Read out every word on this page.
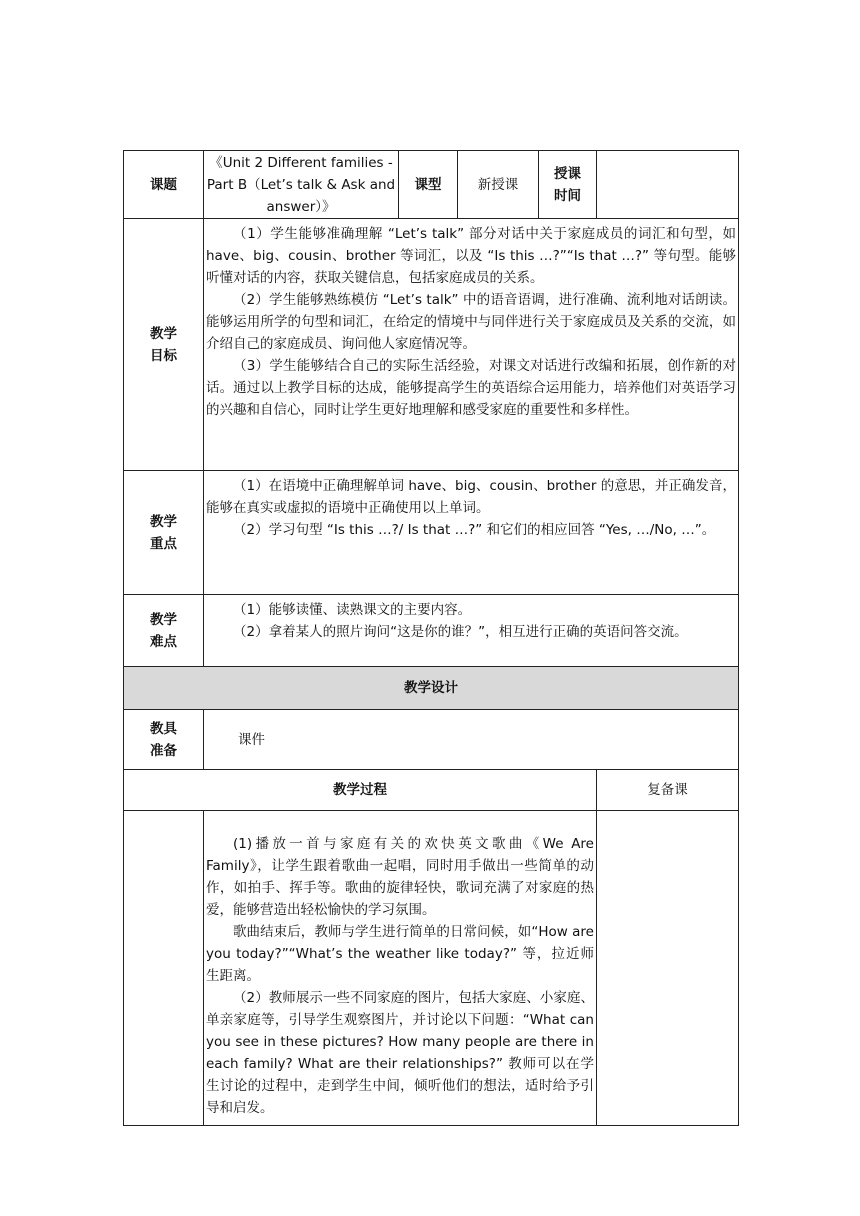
课题	《Unit 2 Different families - Part B（Let’s talk & Ask and answer）》	课型	新授课	授课时间	
教学目标	（1）学生能够准确理解 “Let’s talk” 部分对话中关于家庭成员的词汇和句型，如 have、big、cousin、brother 等词汇，以及 “Is this …?”“Is that …?” 等句型。能够听懂对话的内容，获取关键信息，包括家庭成员的关系。

（2）学生能够熟练模仿 “Let’s talk” 中的语音语调，进行准确、流利地对话朗读。能够运用所学的句型和词汇，在给定的情境中与同伴进行关于家庭成员及关系的交流，如介绍自己的家庭成员、询问他人家庭情况等。

（3）学生能够结合自己的实际生活经验，对课文对话进行改编和拓展，创作新的对话。通过以上教学目标的达成，能够提高学生的英语综合运用能力，培养他们对英语学习的兴趣和自信心，同时让学生更好地理解和感受家庭的重要性和多样性。				

教学重点	（1）在语境中正确理解单词 have、big、cousin、brother 的意思，并正确发音，能够在真实或虚拟的语境中正确使用以上单词。

（2）学习句型 “Is this …?/ Is that …?” 和它们的相应回答 “Yes, …/No, …”。				

教学难点	（1）能够读懂、读熟课文的主要内容。

（2）拿着某人的照片询问“这是你的谁？”，相互进行正确的英语问答交流。				

教学设计					
教具准备	课件				
教学过程					复备课

	(1)播放一首与家庭有关的欢快英文歌曲《We Are Family》，让学生跟着歌曲一起唱，同时用手做出一些简单的动作，如拍手、挥手等。歌曲的旋律轻快，歌词充满了对家庭的热爱，能够营造出轻松愉快的学习氛围。

歌曲结束后，教师与学生进行简单的日常问候，如“How are you today?”“What’s the weather like today?” 等，拉近师生距离。

（2）教师展示一些不同家庭的图片，包括大家庭、小家庭、单亲家庭等，引导学生观察图片，并讨论以下问题：“What can you see in these pictures? How many people are there in each family? What are their relationships?” 教师可以在学生讨论的过程中，走到学生中间，倾听他们的想法，适时给予引导和启发。				
